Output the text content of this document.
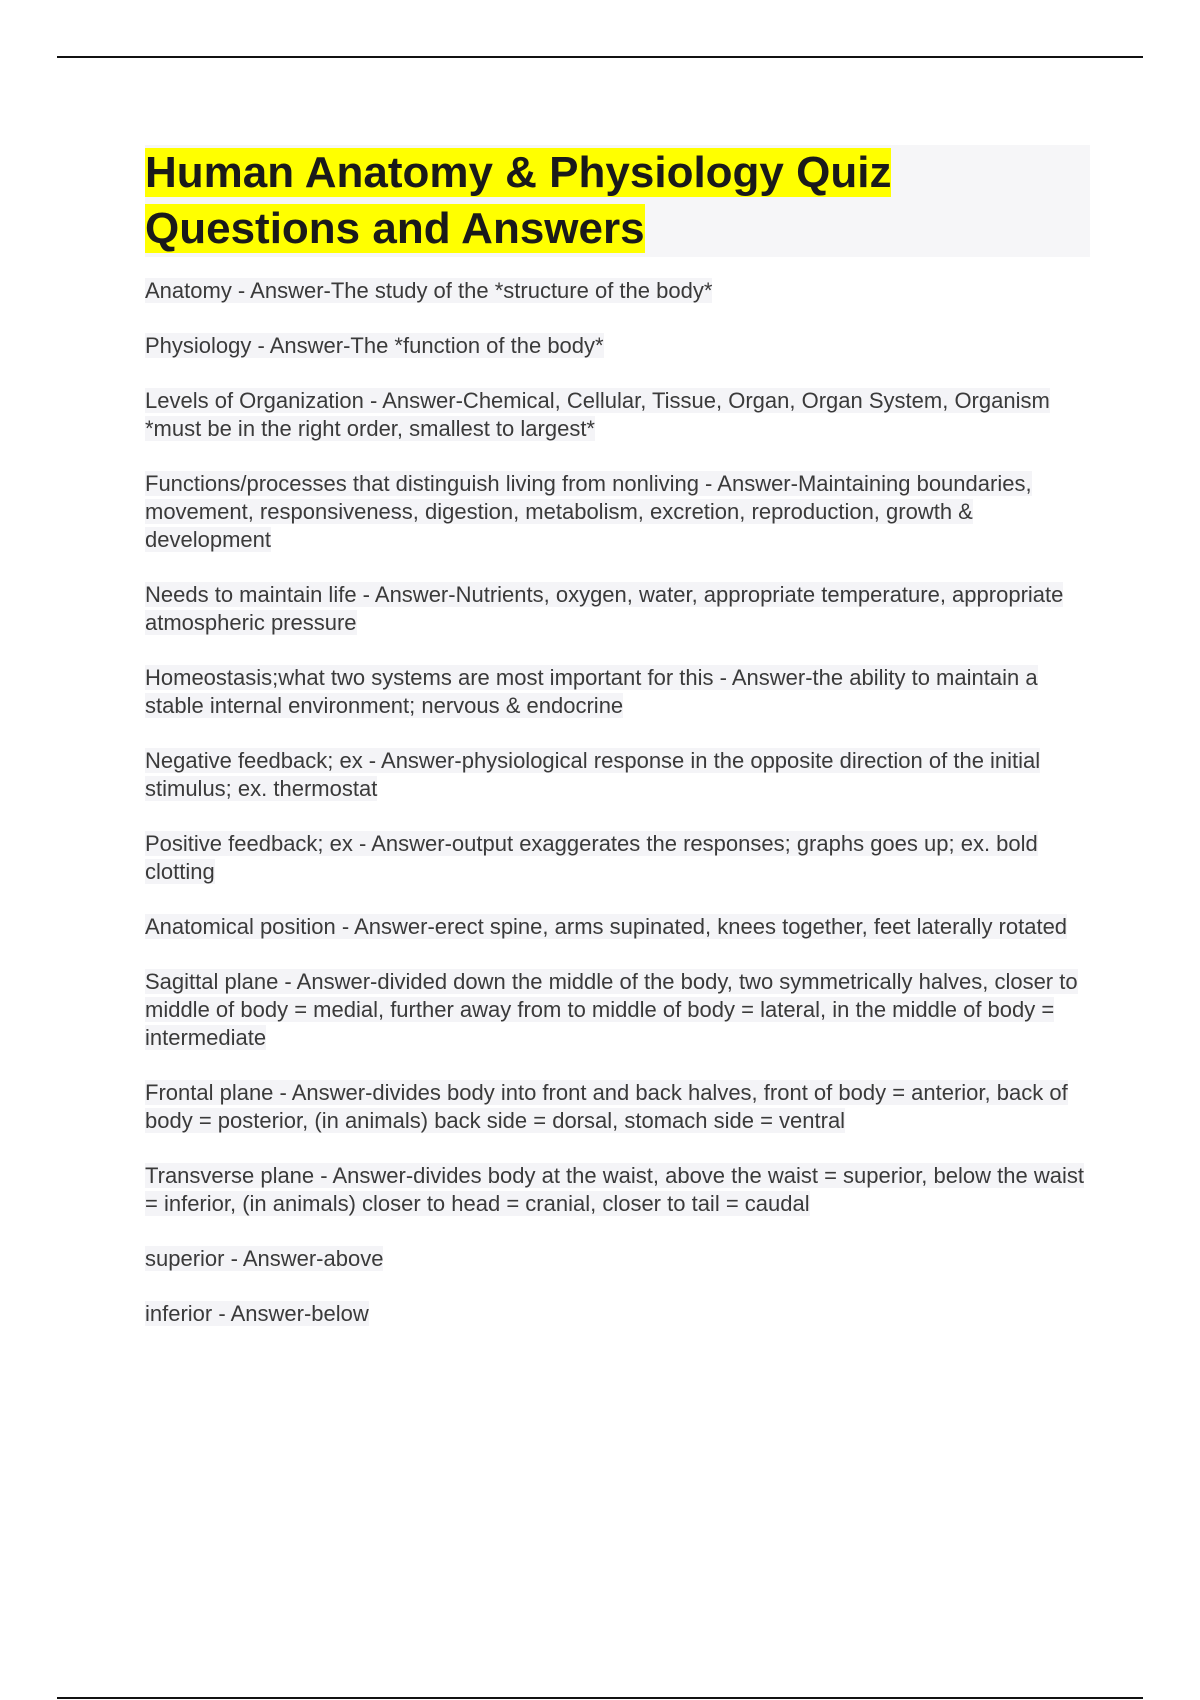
Human Anatomy & Physiology Quiz
Questions and Answers
Anatomy - Answer-The study of the *structure of the body*
Physiology - Answer-The *function of the body*
Levels of Organization - Answer-Chemical, Cellular, Tissue, Organ, Organ System, Organism
*must be in the right order, smallest to largest*
Functions/processes that distinguish living from nonliving - Answer-Maintaining boundaries, movement, responsiveness, digestion, metabolism, excretion, reproduction, growth & development
Needs to maintain life - Answer-Nutrients, oxygen, water, appropriate temperature, appropriate atmospheric pressure
Homeostasis;what two systems are most important for this - Answer-the ability to maintain a stable internal environment; nervous & endocrine
Negative feedback; ex - Answer-physiological response in the opposite direction of the initial stimulus; ex. thermostat
Positive feedback; ex - Answer-output exaggerates the responses; graphs goes up; ex. bold clotting
Anatomical position - Answer-erect spine, arms supinated, knees together, feet laterally rotated
Sagittal plane - Answer-divided down the middle of the body, two symmetrically halves, closer to middle of body = medial, further away from to middle of body = lateral, in the middle of body = intermediate
Frontal plane - Answer-divides body into front and back halves, front of body = anterior, back of body = posterior, (in animals) back side = dorsal, stomach side = ventral
Transverse plane - Answer-divides body at the waist, above the waist = superior, below the waist = inferior, (in animals) closer to head = cranial, closer to tail = caudal
superior - Answer-above
inferior - Answer-below
